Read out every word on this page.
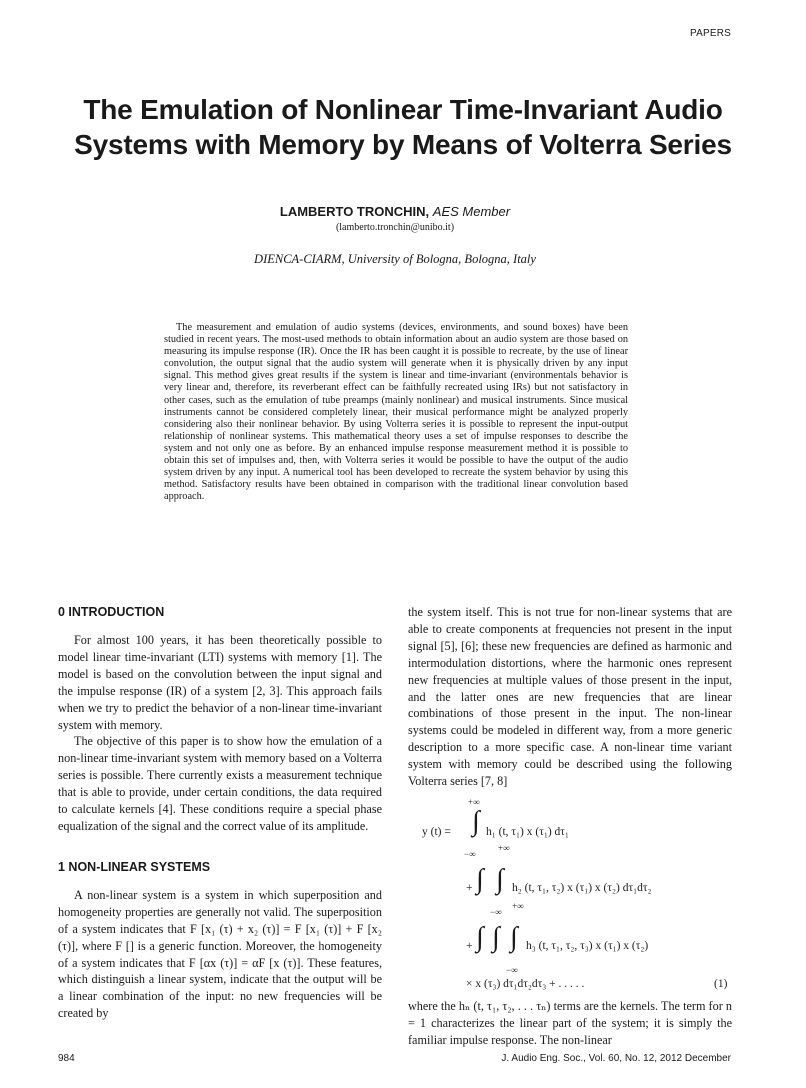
PAPERS
The Emulation of Nonlinear Time-Invariant Audio Systems with Memory by Means of Volterra Series
LAMBERTO TRONCHIN, AES Member
(lamberto.tronchin@unibo.it)
DIENCA-CIARM, University of Bologna, Bologna, Italy

The measurement and emulation of audio systems (devices, environments, and sound boxes) have been studied in recent years. The most-used methods to obtain information about an audio system are those based on measuring its impulse response (IR). Once the IR has been caught it is possible to recreate, by the use of linear convolution, the output signal that the audio system will generate when it is physically driven by any input signal. This method gives great results if the system is linear and time-invariant (environmentals behavior is very linear and, therefore, its reverberant effect can be faithfully recreated using IRs) but not satisfactory in other cases, such as the emulation of tube preamps (mainly nonlinear) and musical instruments. Since musical instruments cannot be considered completely linear, their musical performance might be analyzed properly considering also their nonlinear behavior. By using Volterra series it is possible to represent the input-output relationship of nonlinear systems. This mathematical theory uses a set of impulse responses to describe the system and not only one as before. By an enhanced impulse response measurement method it is possible to obtain this set of impulses and, then, with Volterra series it would be possible to have the output of the audio system driven by any input. A numerical tool has been developed to recreate the system behavior by using this method. Satisfactory results have been obtained in comparison with the traditional linear convolution based approach.

0 INTRODUCTION

For almost 100 years, it has been theoretically possible to model linear time-invariant (LTI) systems with memory [1]. The model is based on the convolution between the input signal and the impulse response (IR) of a system [2, 3]. This approach fails when we try to predict the behavior of a non-linear time-invariant system with memory.

The objective of this paper is to show how the emulation of a non-linear time-invariant system with memory based on a Volterra series is possible. There currently exists a measurement technique that is able to provide, under certain conditions, the data required to calculate kernels [4]. These conditions require a special phase equalization of the signal and the correct value of its amplitude.

1 NON-LINEAR SYSTEMS

A non-linear system is a system in which superposition and homogeneity properties are generally not valid. The superposition of a system indicates that F [x₁ (τ) + x₂ (τ)] = F [x₁ (τ)] + F [x₂ (τ)], where F [] is a generic function. Moreover, the homogeneity of a system indicates that F [αx (τ)] = αF [x (τ)]. These features, which distinguish a linear system, indicate that the output will be a linear combination of the input: no new frequencies will be created by

the system itself. This is not true for non-linear systems that are able to create components at frequencies not present in the input signal [5], [6]; these new frequencies are defined as harmonic and intermodulation distortions, where the harmonic ones represent new frequencies at multiple values of those present in the input, and the latter ones are new frequencies that are linear combinations of those present in the input. The non-linear systems could be modeled in different way, from a more generic description to a more specific case. A non-linear time variant system with memory could be described using the following Volterra series [7, 8]

y (t) =
+∞
∫
−∞
h₁ (t, τ₁) x (τ₁) dτ₁
+ ∫
+∞
∫
−∞
h₂ (t, τ₁, τ₂) x (τ₁) x (τ₂) dτ₁dτ₂
+ ∫ ∫
+∞
∫
−∞
h₃ (t, τ₁, τ₂, τ₃) x (τ₁) x (τ₂)
× x (τ₃) dτ₁dτ₂dτ₃ + . . . . .	(1)

where the hₙ (t, τ₁, τ₂, . . . τₙ) terms are the kernels. The term for n = 1 characterizes the linear part of the system; it is simply the familiar impulse response. The non-linear

984	J. Audio Eng. Soc., Vol. 60, No. 12, 2012 December
